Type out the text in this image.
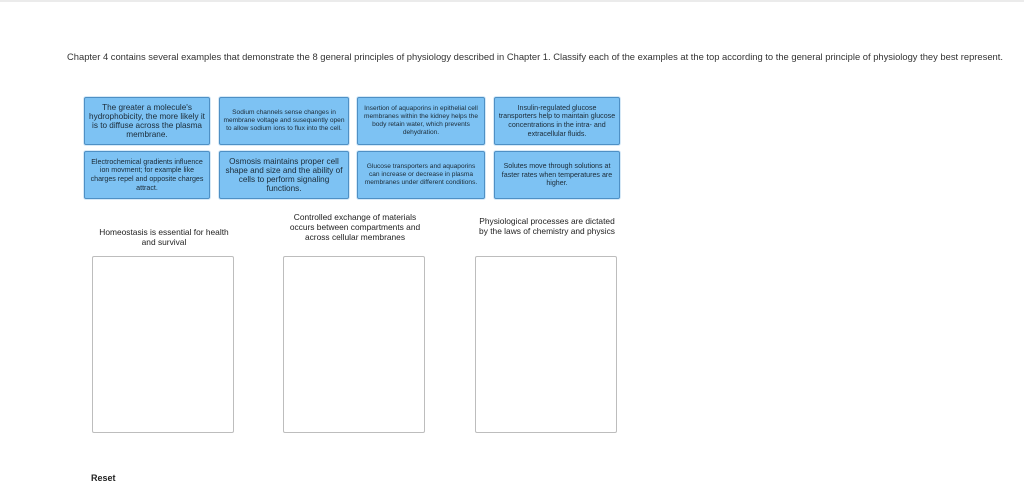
Chapter 4 contains several examples that demonstrate the 8 general principles of physiology described in Chapter 1. Classify each of the examples at the top according to the general principle of physiology they best represent.
The greater a molecule's hydrophobicity, the more likely it is to diffuse across the plasma membrane.
Sodium channels sense changes in membrane voltage and susequently open to allow sodium ions to flux into the cell.
Insertion of aquaporins in epithelial cell membranes within the kidney helps the body retain water, which prevents dehydration.
Insulin-regulated glucose transporters help to maintain glucose concentrations in the intra- and extracellular fluids.
Electrochemical gradients influence ion movment; for example like charges repel and opposite charges attract.
Osmosis maintains proper cell shape and size and the ability of cells to perform signaling functions.
Glucose transporters and aquaporins can increase or decrease in plasma membranes under different conditions.
Solutes move through solutions at faster rates when temperatures are higher.
Homeostasis is essential for health and survival
Controlled exchange of materials occurs between compartments and across cellular membranes
Physiological processes are dictated by the laws of chemistry and physics
Reset
